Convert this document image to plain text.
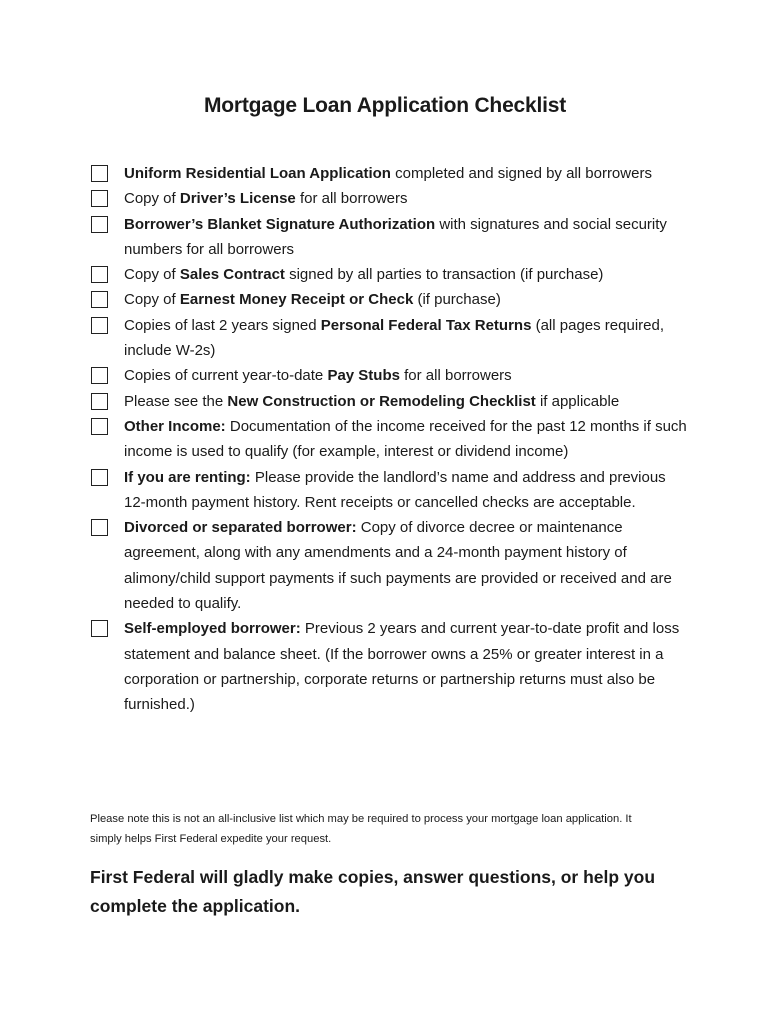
Mortgage Loan Application Checklist
Uniform Residential Loan Application completed and signed by all borrowers
Copy of Driver’s License for all borrowers
Borrower’s Blanket Signature Authorization with signatures and social security numbers for all borrowers
Copy of Sales Contract signed by all parties to transaction (if purchase)
Copy of Earnest Money Receipt or Check (if purchase)
Copies of last 2 years signed Personal Federal Tax Returns (all pages required, include W-2s)
Copies of current year-to-date Pay Stubs for all borrowers
Please see the New Construction or Remodeling Checklist if applicable
Other Income: Documentation of the income received for the past 12 months if such income is used to qualify (for example, interest or dividend income)
If you are renting: Please provide the landlord’s name and address and previous 12-month payment history. Rent receipts or cancelled checks are acceptable.
Divorced or separated borrower: Copy of divorce decree or maintenance agreement, along with any amendments and a 24-month payment history of alimony/child support payments if such payments are provided or received and are needed to qualify.
Self-employed borrower: Previous 2 years and current year-to-date profit and loss statement and balance sheet. (If the borrower owns a 25% or greater interest in a corporation or partnership, corporate returns or partnership returns must also be furnished.)
Please note this is not an all-inclusive list which may be required to process your mortgage loan application. It simply helps First Federal expedite your request.
First Federal will gladly make copies, answer questions, or help you complete the application.
